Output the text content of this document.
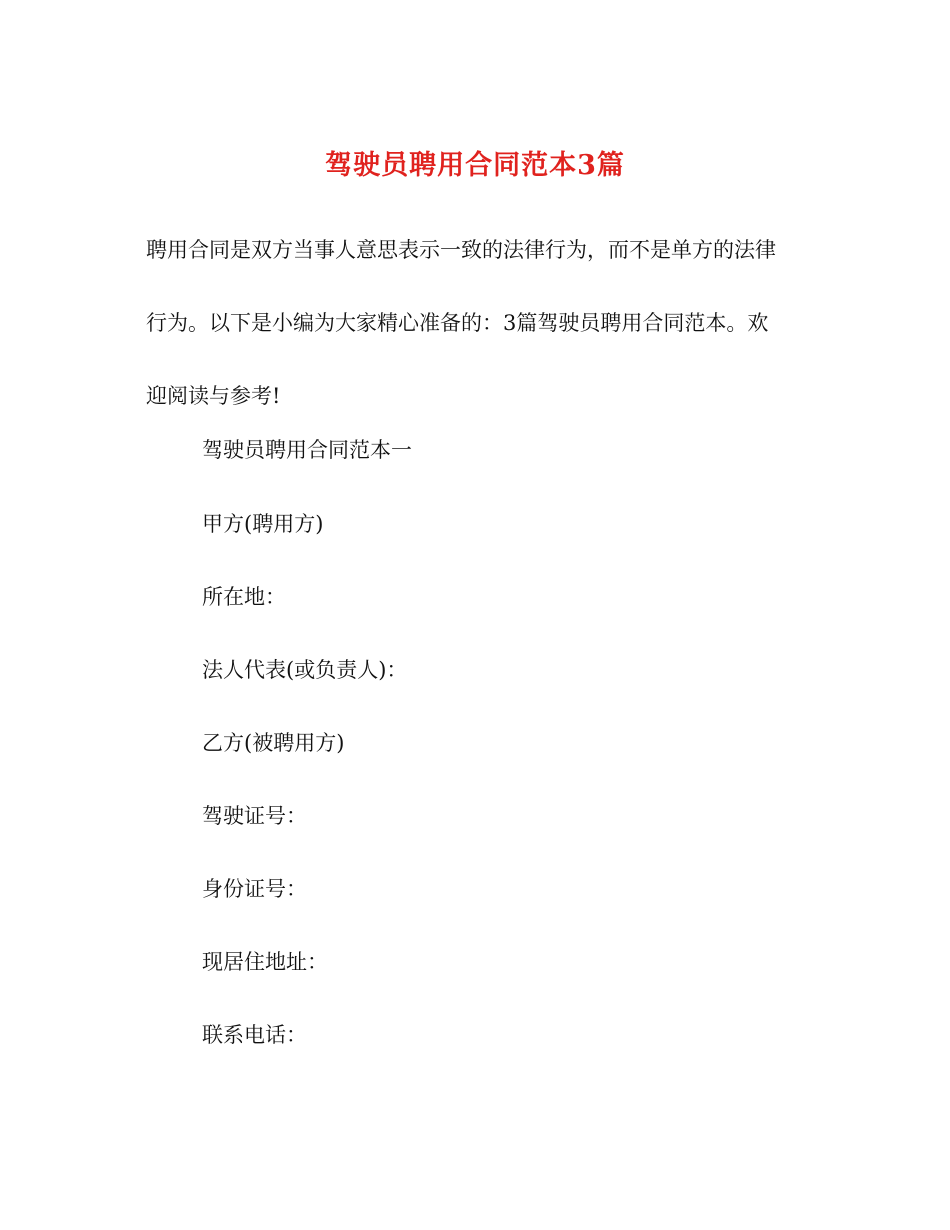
驾驶员聘用合同范本3篇
聘用合同是双方当事人意思表示一致的法律行为，而不是单方的法律
行为。以下是小编为大家精心准备的：3篇驾驶员聘用合同范本。欢
迎阅读与参考!

驾驶员聘用合同范本一

甲方(聘用方)

所在地：

法人代表(或负责人)：

乙方(被聘用方)

驾驶证号：

身份证号：

现居住地址：

联系电话：
